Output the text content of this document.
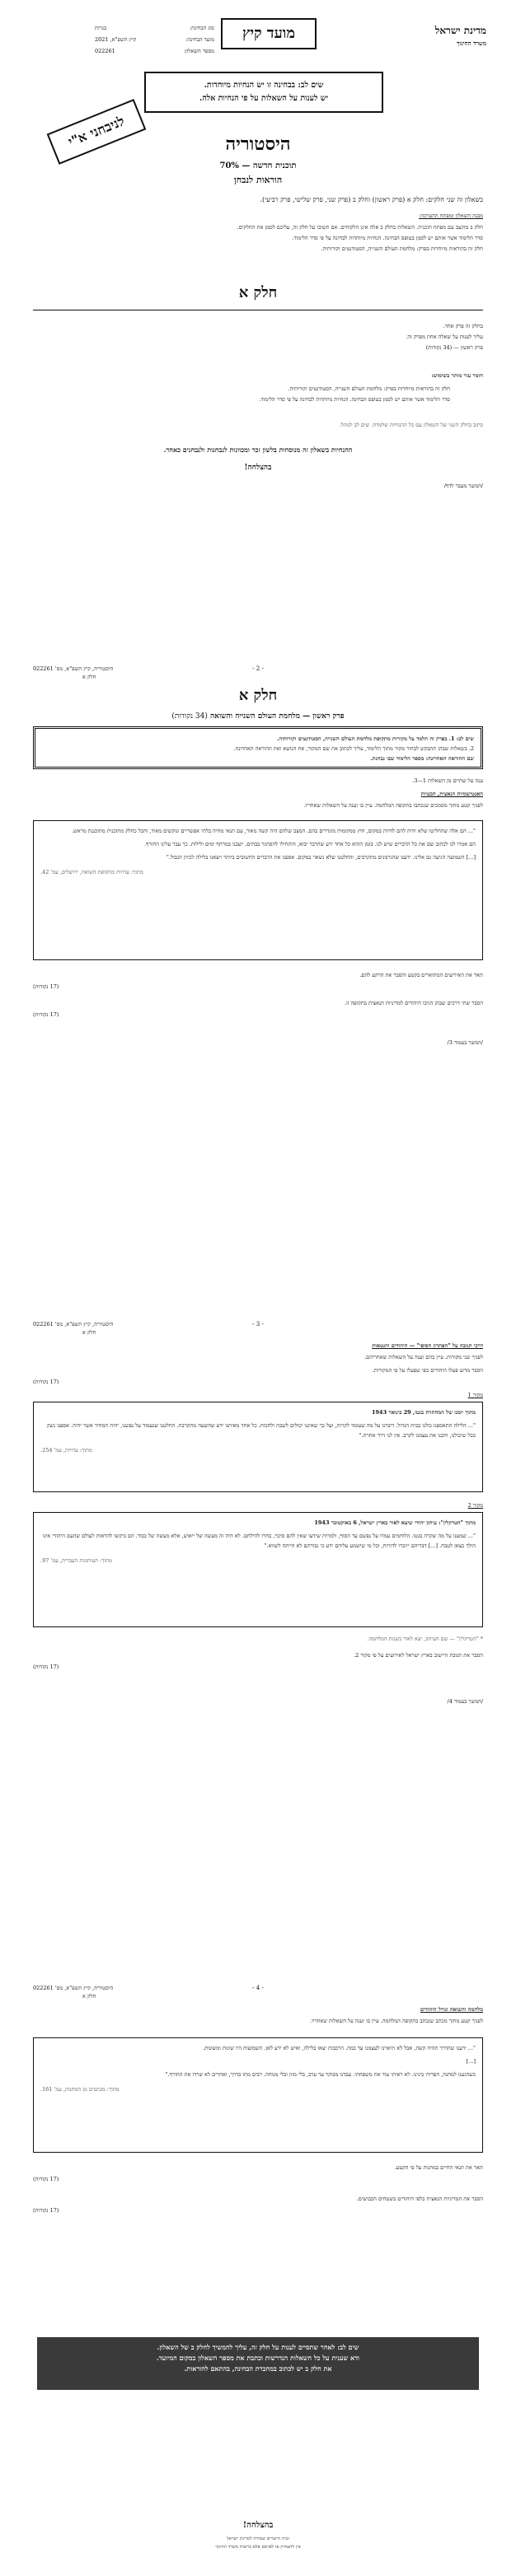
מדינת ישראל
משרד החינוך
מועד קיץ
סוג הבחינה:
בגרות
מועד הבחינה:
קיץ תשפ"א, 2021
מספר השאלון:
022261
שים לב: בבחינה זו יש הנחיות מיוחדות.
יש לענות על השאלות על פי הנחיות אלה.
לניבחני א"י	היסטוריה
תוכנית חדשה — 70%
הוראות לנבחן
בשאלון זה שני חלקים: חלק א (פרק ראשון) וחלק ב (פרק שני, פרק שלישי, פרק רביעי).
מבנה השאלון ומפתח ההערכה:
חלק ב מוקצב עם מפתח תוכנית. השאלות בחלק ב אלה אינן הלקוחים. אם תשיבו על חלק זה, עליכם לסמן את החלקים.
סדר הלימוד אשר אותם יש לסמן בטופס הבחינה. הנחיות מיוחדות לבחינה על פי סדר הלימוד.
חלק זה בהוראות מיוחדות בפרק: מלחמת העולם השנייה, הסטודנטים וקורותיה.
חלק א
בחלק זה פרק אחד.
עליך לענות על שאלה אחת מפרק זה.
פרק ראשון — (34 נקודות)
חומר עזר מותר בשימוש:
חלק זה בהוראות מיוחדות בפרק: מלחמת העולם השנייה, הסטודנטים וקורותיה.
סדר הלימוד אשר אותם יש לסמן בטופס הבחינה. הנחיות מיוחדות לבחינה על פי סדר הלימוד.
כתוב בחלק השני של השאלון עם כל ההנחיות שלמדת. שים לב לנוהל.
ההנחיות בשאלון זה מנוסחות בלשון זכר ומכוונות לנבחנות ולנבחנים כאחד.
בהצלחה!
/המשך מעבר לדף/
- 2 -
היסטוריה, קיץ תשפ"א, מס' 022261
חלק א
חלק א
פרק ראשון — מלחמת העולם השנייה והשואה (34 נקודות)
שים לב: 1. בפרק זה תלמד על מקורות מתקופת מלחמת העולם השנייה, הסטודנטים וקורותיה.
2. בשאלות שבהן תתבקש לבחור מקור מתוך הלימוד, עליך לכתוב את שם המקור, את הנושא ואת ההוראה האחרונה.
שם ההוראה האחרונה: מספר הלימוד שבו נבחנת.
ענה על שתיים מן השאלות 1—3.
האנטישמיות הנאצית, הבעיות
לפניך קטע מתוך מסמכים שנכתבו בתקופה המלחמה. עיין בו וענה על השאלות שאחריו.
"... הם אלה שהחליטו שלא יהיה להם לחיות במקום, חוץ ממקומות מוגדרים בהם. המצב שלהם היה קשה מאוד, עם תנאי מחיה בלתי אפשריים ונוקשים מאוד, והכל כחלק מתוכנית מתוכננת מראש.
הם אמרו לנו לכתוב שם את כל הדברים שיש לנו. בזמן ההוא כל אחד ידע שהדבר יבוא, והתחילו להסתגר בבתים. ישבנו במרתף ימים ולילות. כך עבר עלינו החורף.
[...] השמועה הגיעה גם אלינו. ידענו שהגרמנים מתקרבים, והחלטנו שלא נשאר במקום. אספנו את הדברים החשובים ביותר ויצאנו בלילה לכיוון הגבול."
מתוך: עדויות מתקופת השואה, ירושלים, עמ' 42.
תאר את האירועים המתוארים בקטע והסבר את הרקע להם.
(17 נקודות)
הסבר שתי דרכים שבהן הגיבו היהודים למדיניות הנאצית בתקופה זו.
(17 נקודות)
/המשך בעמוד 3/
- 3 -
היסטוריה, קיץ תשפ"א, מס' 022261
חלק א
דרכי תגובה על "הפתרון הסופי" — היהודים והגטאות
לפניך שני מקורות. עיין בהם וענה על השאלות שאחריהם.
הסבר מדוע פעלו היהודים כפי שפעלו על פי המקורות.
(17 נקודות)
מקור 1
מתוך יומנו של המחתרת בגטו, 29 בינואר 1943
"... הלילה התאספנו כולנו בבית הגדול. דיברנו על מה שעומד לקרות, ועל כך שאיננו יכולים לשבת ולחכות. כל אחד מאיתנו ידע שהשעה מתקרבת. החלטנו שנעמוד על נפשנו, יהיה המחיר אשר יהיה. אספנו נשק ככל שיכולנו, והכנו את עצמנו לקרב. אין לנו דרך אחרת."
מתוך: עדויות, עמ' 254.
מקור 2
מתוך "הטרקלין": עיתון יהודי שיצא לאור בארץ ישראל, 6 באוקטובר 1943
"... שמענו על מה שקרה בגטו. הלוחמים עמדו על נפשם עד הסוף, ולמרות שידעו שאין להם סיכוי, בחרו להילחם. לא היה זה מעשה של ייאוש, אלא מעשה של כבוד. הם ביקשו להראות לעולם שהעם היהודי אינו הולך כצאן לטבח. [...] דבריהם ייזכרו לדורות, וכל מי שישמע עליהם ידע כי גבורתם לא הייתה לשווא."
מתוך: העיתונות העברית, עמ' 97.
* "הטרקלין" — שם העיתון, יצא לאור בשנות המלחמה.
הסבר את תגובת היישוב בארץ ישראל לאירועים על פי מקור 2.
(17 נקודות)
/המשך בעמוד 4/
- 4 -
היסטוריה, קיץ תשפ"א, מס' 022261
חלק א
מלחמה והשואה וגורל היהודים
לפניך קטע מתוך מכתב שנכתב בתקופה המלחמה. עיין בו וענה על השאלות שאחריו.
"... ידענו שהדרך תהיה קשה, אבל לא תיארנו לעצמנו עד כמה. הרכבות יצאו בלילה, ואיש לא ידע לאן. השמועות היו שונות ומשונות.
[...]
כשהגענו למחנה, הפרידו בינינו. לא ראיתי עוד את משפחתי. עבדנו מבוקר עד ערב, בלי מזון ובלי מנוחה. רבים מתו בדרך, ואחרים לא שרדו את החורף."
מתוך: מכתבים מן המחנות, עמ' 161.
תאר את תנאי החיים במחנות על פי הקטע.
(17 נקודות)
הסבר את המדיניות הנאצית כלפי היהודים בשטחים הכבושים.
(17 נקודות)
שים לב: לאחר שתסיים לענות על חלק זה, עליך להמשיך לחלק ב של השאלון.
ודא שענית על כל השאלות הנדרשות וכתבת את מספר השאלון במקום המיועד.
את חלק ב יש לכתוב במחברת הבחינה, בהתאם להוראות.
בהצלחה!
זכות היוצרים שמורה למדינת ישראל
אין להעתיק או לפרסם אלא ברשות משרד החינוך
